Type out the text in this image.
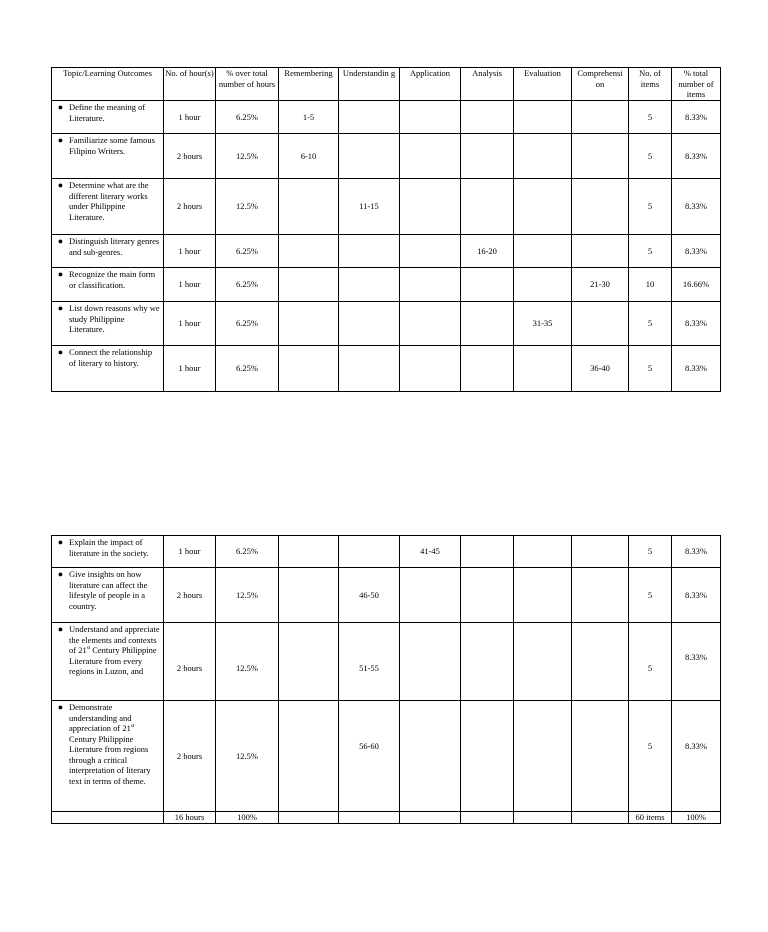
Topic/Learning Outcomes	No. of hour(s)	% over total number of hours	Remembering	Understandin g	Application	Analysis	Evaluation	Comprehensi on	No. of items	% total number of items

● Define the meaning of Literature.	1 hour	6.25%	1-5						5	8.33%

● Familiarize some famous Filipino Writers.	2 hours	12.5%	6-10						5	8.33%

● Determine what are the different literary works under Philippine Literature.	2 hours	12.5%		11-15					5	8.33%

● Distinguish literary genres and sub-genres.	1 hour	6.25%				16-20			5	8.33%

● Recognize the main form or classification.	1 hour	6.25%						21-30	10	16.66%

● List down reasons why we study Philippine Literature.	1 hour	6.25%					31-35		5	8.33%

● Connect the relationship of literary to history.	1 hour	6.25%						36-40	5	8.33%
● Explain the impact of literature in the society.	1 hour	6.25%			41-45				5	8.33%

● Give insights on how literature can affect the lifestyle of people in a country.	2 hours	12.5%		46-50					5	8.33%

● Understand and appreciate the elements and contexts of 21st Century Philippine Literature from every regions in Luzon, and	2 hours	12.5%		51-55					5	8.33%

● Demonstrate understanding and appreciation of 21st Century Philippine Literature from regions through a critical interpretation of literary text in terms of theme.	2 hours	12.5%		56-60					5	8.33%
	16 hours	100%							60 items	100%
